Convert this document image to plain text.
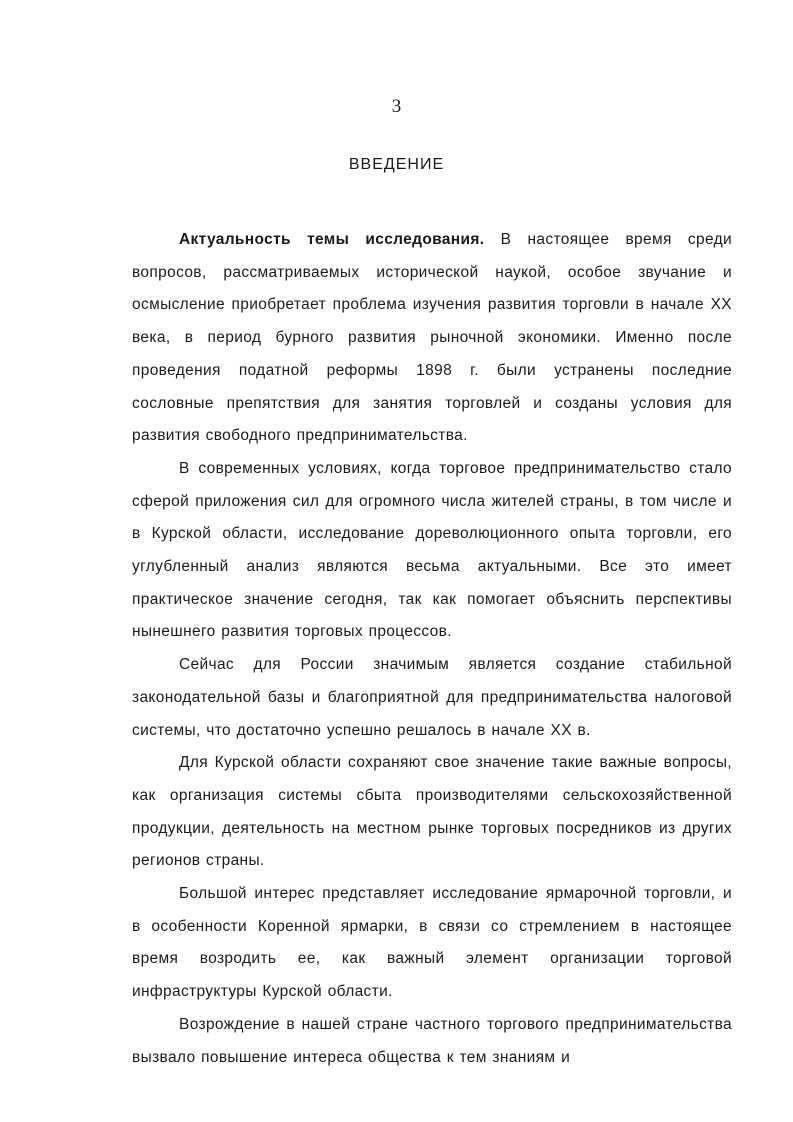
3
ВВЕДЕНИЕ

Актуальность темы исследования. В настоящее время среди вопросов, рассматриваемых исторической наукой, особое звучание и осмысление приобретает проблема изучения развития торговли в начале XX века, в период бурного развития рыночной экономики. Именно после проведения податной реформы 1898 г. были устранены последние сословные препятствия для занятия торговлей и созданы условия для развития свободного предпринимательства.

В современных условиях, когда торговое предпринимательство стало сферой приложения сил для огромного числа жителей страны, в том числе и в Курской области, исследование дореволюционного опыта торговли, его углубленный анализ являются весьма актуальными. Все это имеет практическое значение сегодня, так как помогает объяснить перспективы нынешнего развития торговых процессов.

Сейчас для России значимым является создание стабильной законодательной базы и благоприятной для предпринимательства налоговой системы, что достаточно успешно решалось в начале XX в.

Для Курской области сохраняют свое значение такие важные вопросы, как организация системы сбыта производителями сельскохозяйственной продукции, деятельность на местном рынке торговых посредников из других регионов страны.

Большой интерес представляет исследование ярмарочной торговли, и в особенности Коренной ярмарки, в связи со стремлением в настоящее время возродить ее, как важный элемент организации торговой инфраструктуры Курской области.

Возрождение в нашей стране частного торгового предпринимательства вызвало повышение интереса общества к тем знаниям и
